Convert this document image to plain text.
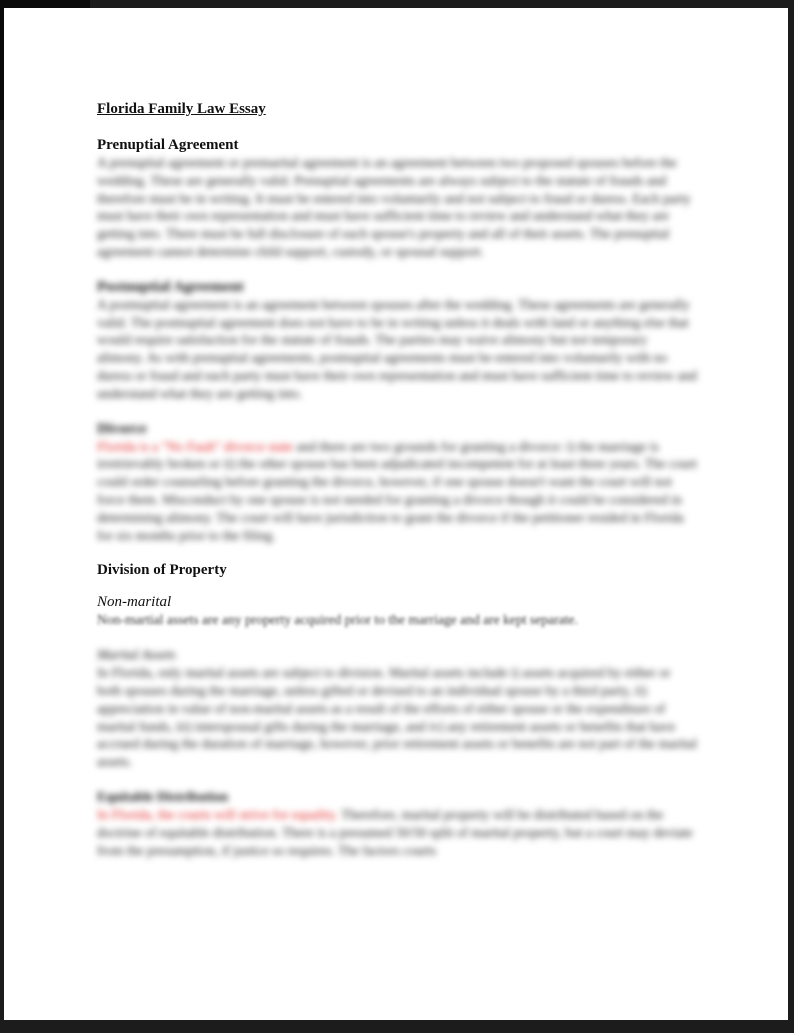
Florida Family Law Essay
Prenuptial Agreement

A prenuptial agreement or premarital agreement is an agreement between two proposed spouses before the wedding. These are generally valid. Prenuptial agreements are always subject to the statute of frauds and therefore must be in writing. It must be entered into voluntarily and not subject to fraud or duress. Each party must have their own representation and must have sufficient time to review and understand what they are getting into. There must be full disclosure of each spouse's property and all of their assets. The prenuptial agreement cannot determine child support, custody, or spousal support.

Postnuptial Agreement

A postnuptial agreement is an agreement between spouses after the wedding. These agreements are generally valid. The postnuptial agreement does not have to be in writing unless it deals with land or anything else that would require satisfaction for the statute of frauds. The parties may waive alimony but not temporary alimony. As with prenuptial agreements, postnuptial agreements must be entered into voluntarily with no duress or fraud and each party must have their own representation and must have sufficient time to review and understand what they are getting into.

Divorce

Florida is a "No Fault" divorce state and there are two grounds for granting a divorce: i) the marriage is irretrievably broken or ii) the other spouse has been adjudicated incompetent for at least three years. The court could order counseling before granting the divorce, however, if one spouse doesn't want the court will not force them. Misconduct by one spouse is not needed for granting a divorce though it could be considered in determining alimony. The court will have jurisdiction to grant the divorce if the petitioner resided in Florida for six months prior to the filing.

Division of Property
Non-marital

Non-martial assets are any property acquired prior to the marriage and are kept separate.

Marital Assets

In Florida, only marital assets are subject to division. Marital assets include i) assets acquired by either or both spouses during the marriage, unless gifted or devised to an individual spouse by a third party, ii) appreciation in value of non-marital assets as a result of the efforts of either spouse or the expenditure of marital funds, iii) interspousal gifts during the marriage, and iv) any retirement assets or benefits that have accrued during the duration of marriage, however, prior retirement assets or benefits are not part of the marital assets.

Equitable Distribution

In Florida, the courts will strive for equality. Therefore, marital property will be distributed based on the doctrine of equitable distribution. There is a presumed 50/50 split of marital property, but a court may deviate from the presumption, if justice so requires. The factors courts
